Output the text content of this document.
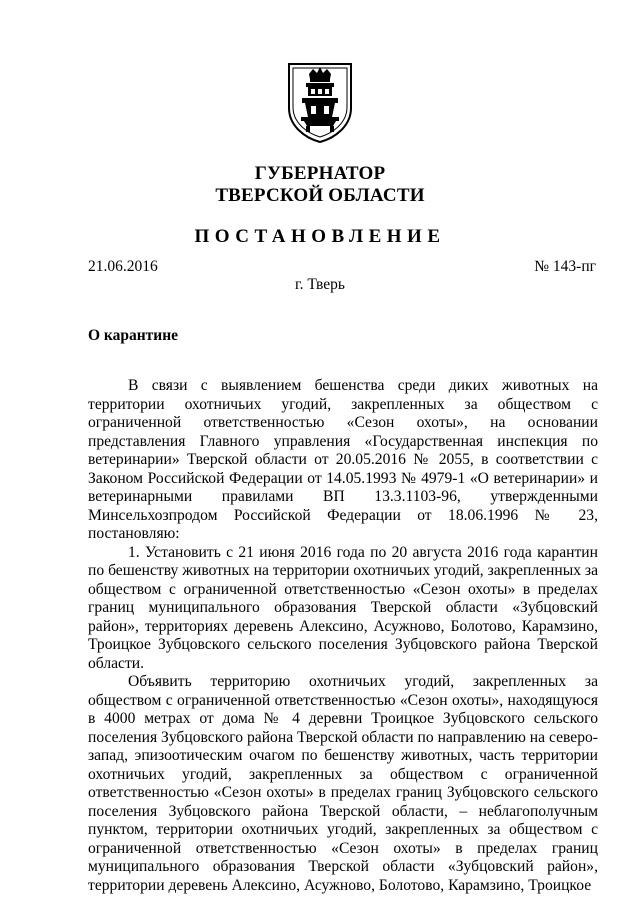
ГУБЕРНАТОР
ТВЕРСКОЙ ОБЛАСТИ
ПОСТАНОВЛЕНИЕ
21.06.2016	№ 143-пг
г. Тверь
О карантине

В связи с выявлением бешенства среди диких животных на территории охотничьих угодий, закрепленных за обществом с ограниченной ответственностью «Сезон охоты», на основании представления Главного управления «Государственная инспекция по ветеринарии» Тверской области от 20.05.2016 № 2055, в соответствии с Законом Российской Федерации от 14.05.1993 № 4979-1 «О ветеринарии» и ветеринарными правилами ВП 13.3.1103-96, утвержденными Минсельхозпродом Российской Федерации от 18.06.1996 № 23, постановляю:

1. Установить с 21 июня 2016 года по 20 августа 2016 года карантин по бешенству животных на территории охотничьих угодий, закрепленных за обществом с ограниченной ответственностью «Сезон охоты» в пределах границ муниципального образования Тверской области «Зубцовский район», территориях деревень Алексино, Асужново, Болотово, Карамзино, Троицкое Зубцовского сельского поселения Зубцовского района Тверской области.

Объявить территорию охотничьих угодий, закрепленных за обществом с ограниченной ответственностью «Сезон охоты», находящуюся в 4000 метрах от дома № 4 деревни Троицкое Зубцовского сельского поселения Зубцовского района Тверской области по направлению на северо-запад, эпизоотическим очагом по бешенству животных, часть территории охотничьих угодий, закрепленных за обществом с ограниченной ответственностью «Сезон охоты» в пределах границ Зубцовского сельского поселения Зубцовского района Тверской области, – неблагополучным пунктом, территории охотничьих угодий, закрепленных за обществом с ограниченной ответственностью «Сезон охоты» в пределах границ муниципального образования Тверской области «Зубцовский район», территории деревень Алексино, Асужново, Болотово, Карамзино, Троицкое
